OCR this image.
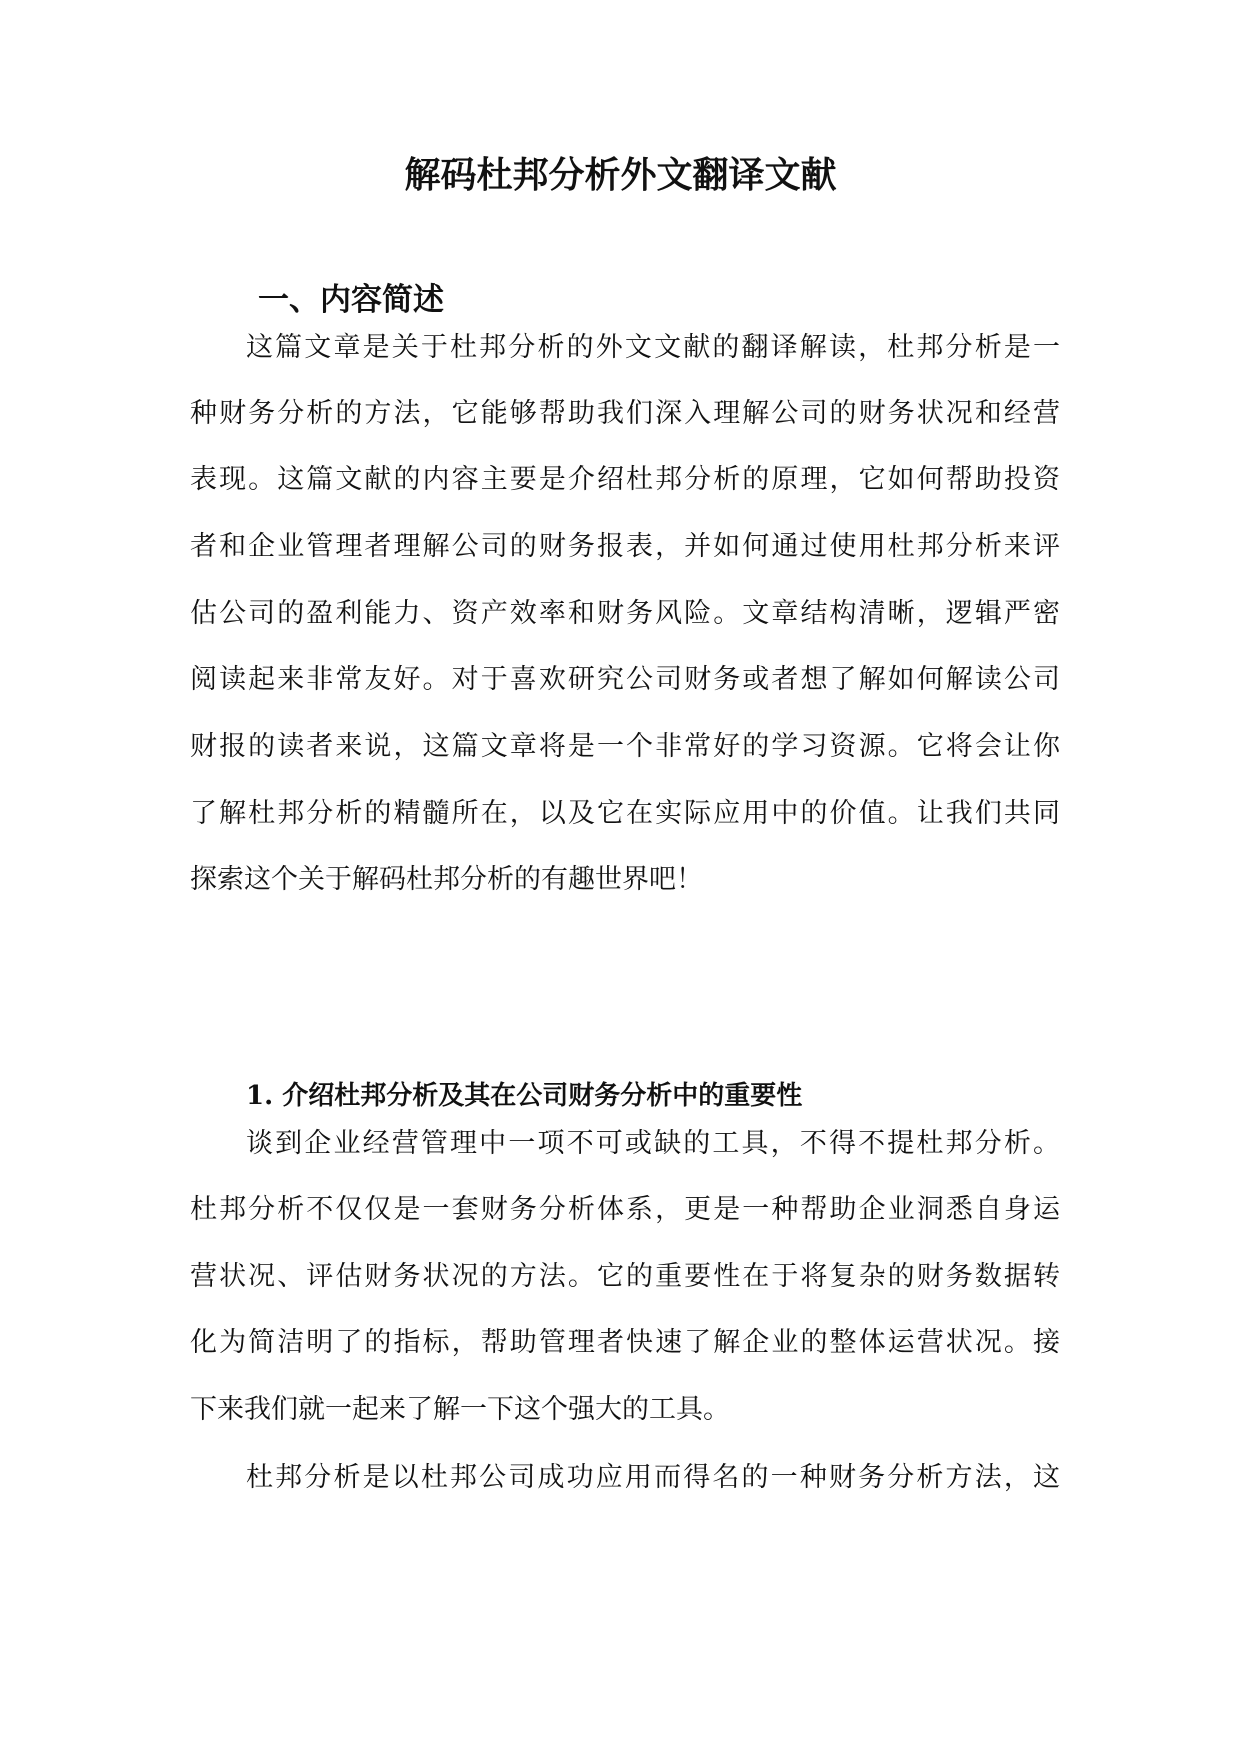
解码杜邦分析外文翻译文献
一、内容简述
这篇文章是关于杜邦分析的外文文献的翻译解读，杜邦分析是一
种财务分析的方法，它能够帮助我们深入理解公司的财务状况和经营
表现。这篇文献的内容主要是介绍杜邦分析的原理，它如何帮助投资
者和企业管理者理解公司的财务报表，并如何通过使用杜邦分析来评
估公司的盈利能力、资产效率和财务风险。文章结构清晰，逻辑严密
阅读起来非常友好。对于喜欢研究公司财务或者想了解如何解读公司
财报的读者来说，这篇文章将是一个非常好的学习资源。它将会让你
了解杜邦分析的精髓所在，以及它在实际应用中的价值。让我们共同
探索这个关于解码杜邦分析的有趣世界吧！
1. 介绍杜邦分析及其在公司财务分析中的重要性
谈到企业经营管理中一项不可或缺的工具，不得不提杜邦分析。
杜邦分析不仅仅是一套财务分析体系，更是一种帮助企业洞悉自身运
营状况、评估财务状况的方法。它的重要性在于将复杂的财务数据转
化为简洁明了的指标，帮助管理者快速了解企业的整体运营状况。接
下来我们就一起来了解一下这个强大的工具。
杜邦分析是以杜邦公司成功应用而得名的一种财务分析方法，这
